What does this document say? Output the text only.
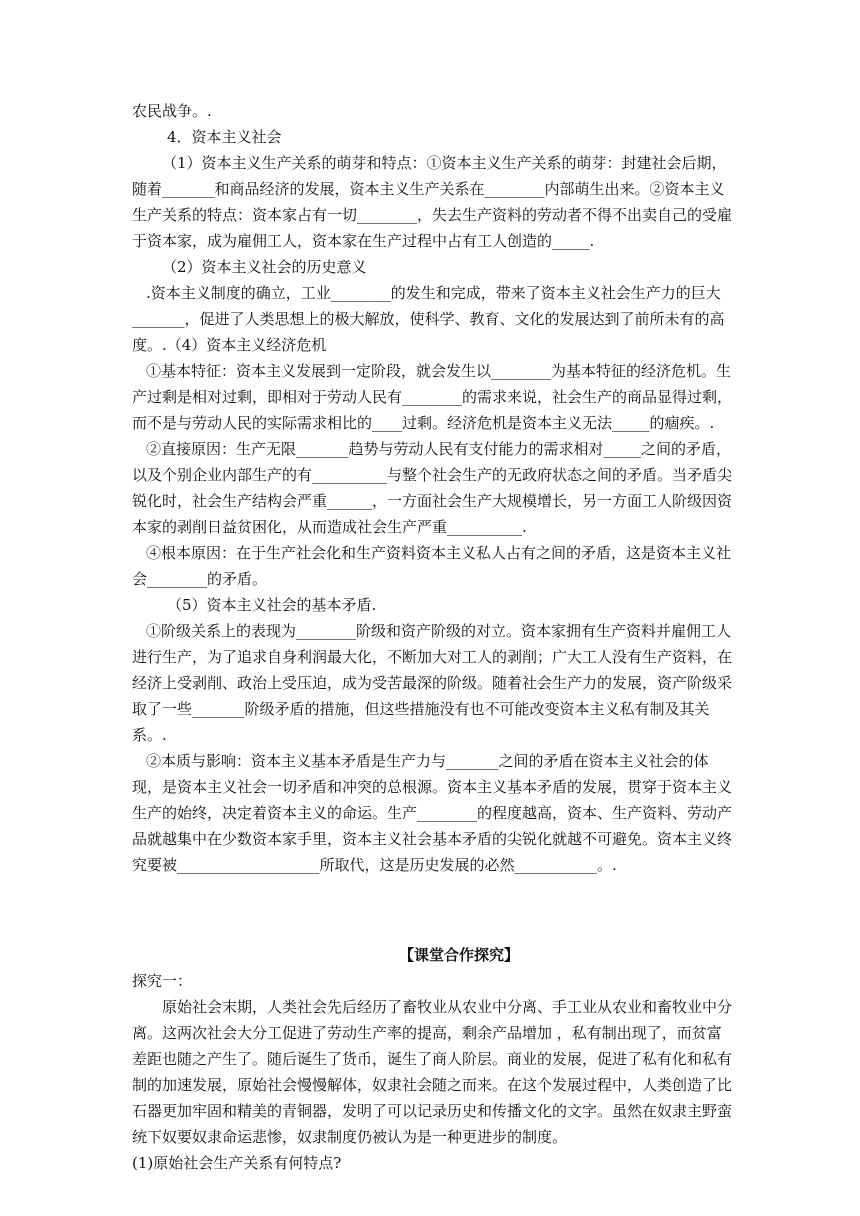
农民战争。.

4．资本主义社会

（1）资本主义生产关系的萌芽和特点：①资本主义生产关系的萌芽：封建社会后期，随着_______和商品经济的发展，资本主义生产关系在________内部萌生出来。②资本主义生产关系的特点：资本家占有一切________，失去生产资料的劳动者不得不出卖自己的受雇于资本家，成为雇佣工人，资本家在生产过程中占有工人创造的_____.

（2）资本主义社会的历史意义

.资本主义制度的确立，工业________的发生和完成，带来了资本主义社会生产力的巨大_______，促进了人类思想上的极大解放，使科学、教育、文化的发展达到了前所未有的高度。.（4）资本主义经济危机

①基本特征：资本主义发展到一定阶段，就会发生以________为基本特征的经济危机。生产过剩是相对过剩，即相对于劳动人民有________的需求来说，社会生产的商品显得过剩，而不是与劳动人民的实际需求相比的____过剩。经济危机是资本主义无法_____的痼疾。.

②直接原因：生产无限_______趋势与劳动人民有支付能力的需求相对_____之间的矛盾，以及个别企业内部生产的有__________与整个社会生产的无政府状态之间的矛盾。当矛盾尖锐化时，社会生产结构会严重______，一方面社会生产大规模增长，另一方面工人阶级因资本家的剥削日益贫困化，从而造成社会生产严重__________.

④根本原因：在于生产社会化和生产资料资本主义私人占有之间的矛盾，这是资本主义社会________的矛盾。

（5）资本主义社会的基本矛盾.

①阶级关系上的表现为________阶级和资产阶级的对立。资本家拥有生产资料并雇佣工人进行生产，为了追求自身利润最大化，不断加大对工人的剥削；广大工人没有生产资料，在经济上受剥削、政治上受压迫，成为受苦最深的阶级。随着社会生产力的发展，资产阶级采取了一些_______阶级矛盾的措施，但这些措施没有也不可能改变资本主义私有制及其关系。.

②本质与影响：资本主义基本矛盾是生产力与_______之间的矛盾在资本主义社会的体现，是资本主义社会一切矛盾和冲突的总根源。资本主义基本矛盾的发展，贯穿于资本主义生产的始终，决定着资本主义的命运。生产________的程度越高，资本、生产资料、劳动产品就越集中在少数资本家手里，资本主义社会基本矛盾的尖锐化就越不可避免。资本主义终究要被___________________所取代，这是历史发展的必然___________。.

【课堂合作探究】

探究一：

原始社会末期，人类社会先后经历了畜牧业从农业中分离、手工业从农业和畜牧业中分离。这两次社会大分工促进了劳动生产率的提高，剩余产品增加 ，私有制出现了，而贫富差距也随之产生了。随后诞生了货币，诞生了商人阶层。商业的发展，促进了私有化和私有制的加速发展，原始社会慢慢解体，奴隶社会随之而来。在这个发展过程中，人类创造了比石器更加牢固和精美的青铜器，发明了可以记录历史和传播文化的文字。虽然在奴隶主野蛮统下奴要奴隶命运悲惨，奴隶制度仍被认为是一种更进步的制度。

(1)原始社会生产关系有何特点?
